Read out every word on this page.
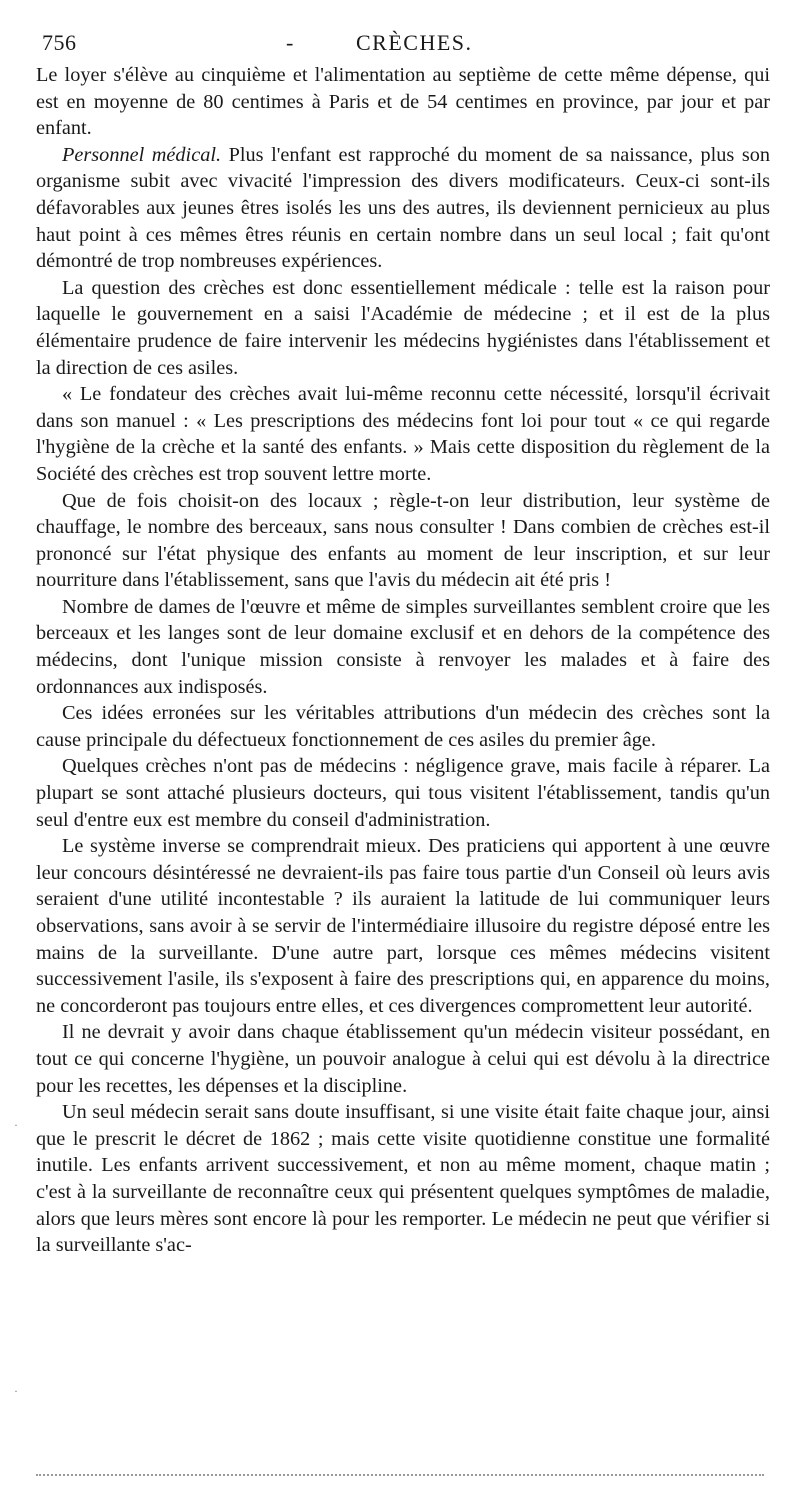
756	-	CRÈCHES.

Le loyer s'élève au cinquième et l'alimentation au septième de cette même dépense, qui est en moyenne de 80 centimes à Paris et de 54 centimes en province, par jour et par enfant.

Personnel médical. Plus l'enfant est rapproché du moment de sa naissance, plus son organisme subit avec vivacité l'impression des divers modificateurs. Ceux-ci sont-ils défavorables aux jeunes êtres isolés les uns des autres, ils deviennent pernicieux au plus haut point à ces mêmes êtres réunis en certain nombre dans un seul local ; fait qu'ont démontré de trop nombreuses expériences.

La question des crèches est donc essentiellement médicale : telle est la raison pour laquelle le gouvernement en a saisi l'Académie de médecine ; et il est de la plus élémentaire prudence de faire intervenir les médecins hygiénistes dans l'établissement et la direction de ces asiles.

« Le fondateur des crèches avait lui-même reconnu cette nécessité, lorsqu'il écrivait dans son manuel : « Les prescriptions des médecins font loi pour tout « ce qui regarde l'hygiène de la crèche et la santé des enfants. » Mais cette disposition du règlement de la Société des crèches est trop souvent lettre morte.

Que de fois choisit-on des locaux ; règle-t-on leur distribution, leur système de chauffage, le nombre des berceaux, sans nous consulter ! Dans combien de crèches est-il prononcé sur l'état physique des enfants au moment de leur inscription, et sur leur nourriture dans l'établissement, sans que l'avis du médecin ait été pris !

Nombre de dames de l'œuvre et même de simples surveillantes semblent croire que les berceaux et les langes sont de leur domaine exclusif et en dehors de la compétence des médecins, dont l'unique mission consiste à renvoyer les malades et à faire des ordonnances aux indisposés.

Ces idées erronées sur les véritables attributions d'un médecin des crèches sont la cause principale du défectueux fonctionnement de ces asiles du premier âge.

Quelques crèches n'ont pas de médecins : négligence grave, mais facile à réparer. La plupart se sont attaché plusieurs docteurs, qui tous visitent l'établissement, tandis qu'un seul d'entre eux est membre du conseil d'administration.

Le système inverse se comprendrait mieux. Des praticiens qui apportent à une œuvre leur concours désintéressé ne devraient-ils pas faire tous partie d'un Conseil où leurs avis seraient d'une utilité incontestable ? ils auraient la latitude de lui communiquer leurs observations, sans avoir à se servir de l'intermédiaire illusoire du registre déposé entre les mains de la surveillante. D'une autre part, lorsque ces mêmes médecins visitent successivement l'asile, ils s'exposent à faire des prescriptions qui, en apparence du moins, ne concorderont pas toujours entre elles, et ces divergences compromettent leur autorité.

Il ne devrait y avoir dans chaque établissement qu'un médecin visiteur possédant, en tout ce qui concerne l'hygiène, un pouvoir analogue à celui qui est dévolu à la directrice pour les recettes, les dépenses et la discipline.

Un seul médecin serait sans doute insuffisant, si une visite était faite chaque jour, ainsi que le prescrit le décret de 1862 ; mais cette visite quotidienne constitue une formalité inutile. Les enfants arrivent successivement, et non au même moment, chaque matin ; c'est à la surveillante de reconnaître ceux qui présentent quelques symptômes de maladie, alors que leurs mères sont encore là pour les remporter. Le médecin ne peut que vérifier si la surveillante s'ac-

·
·
